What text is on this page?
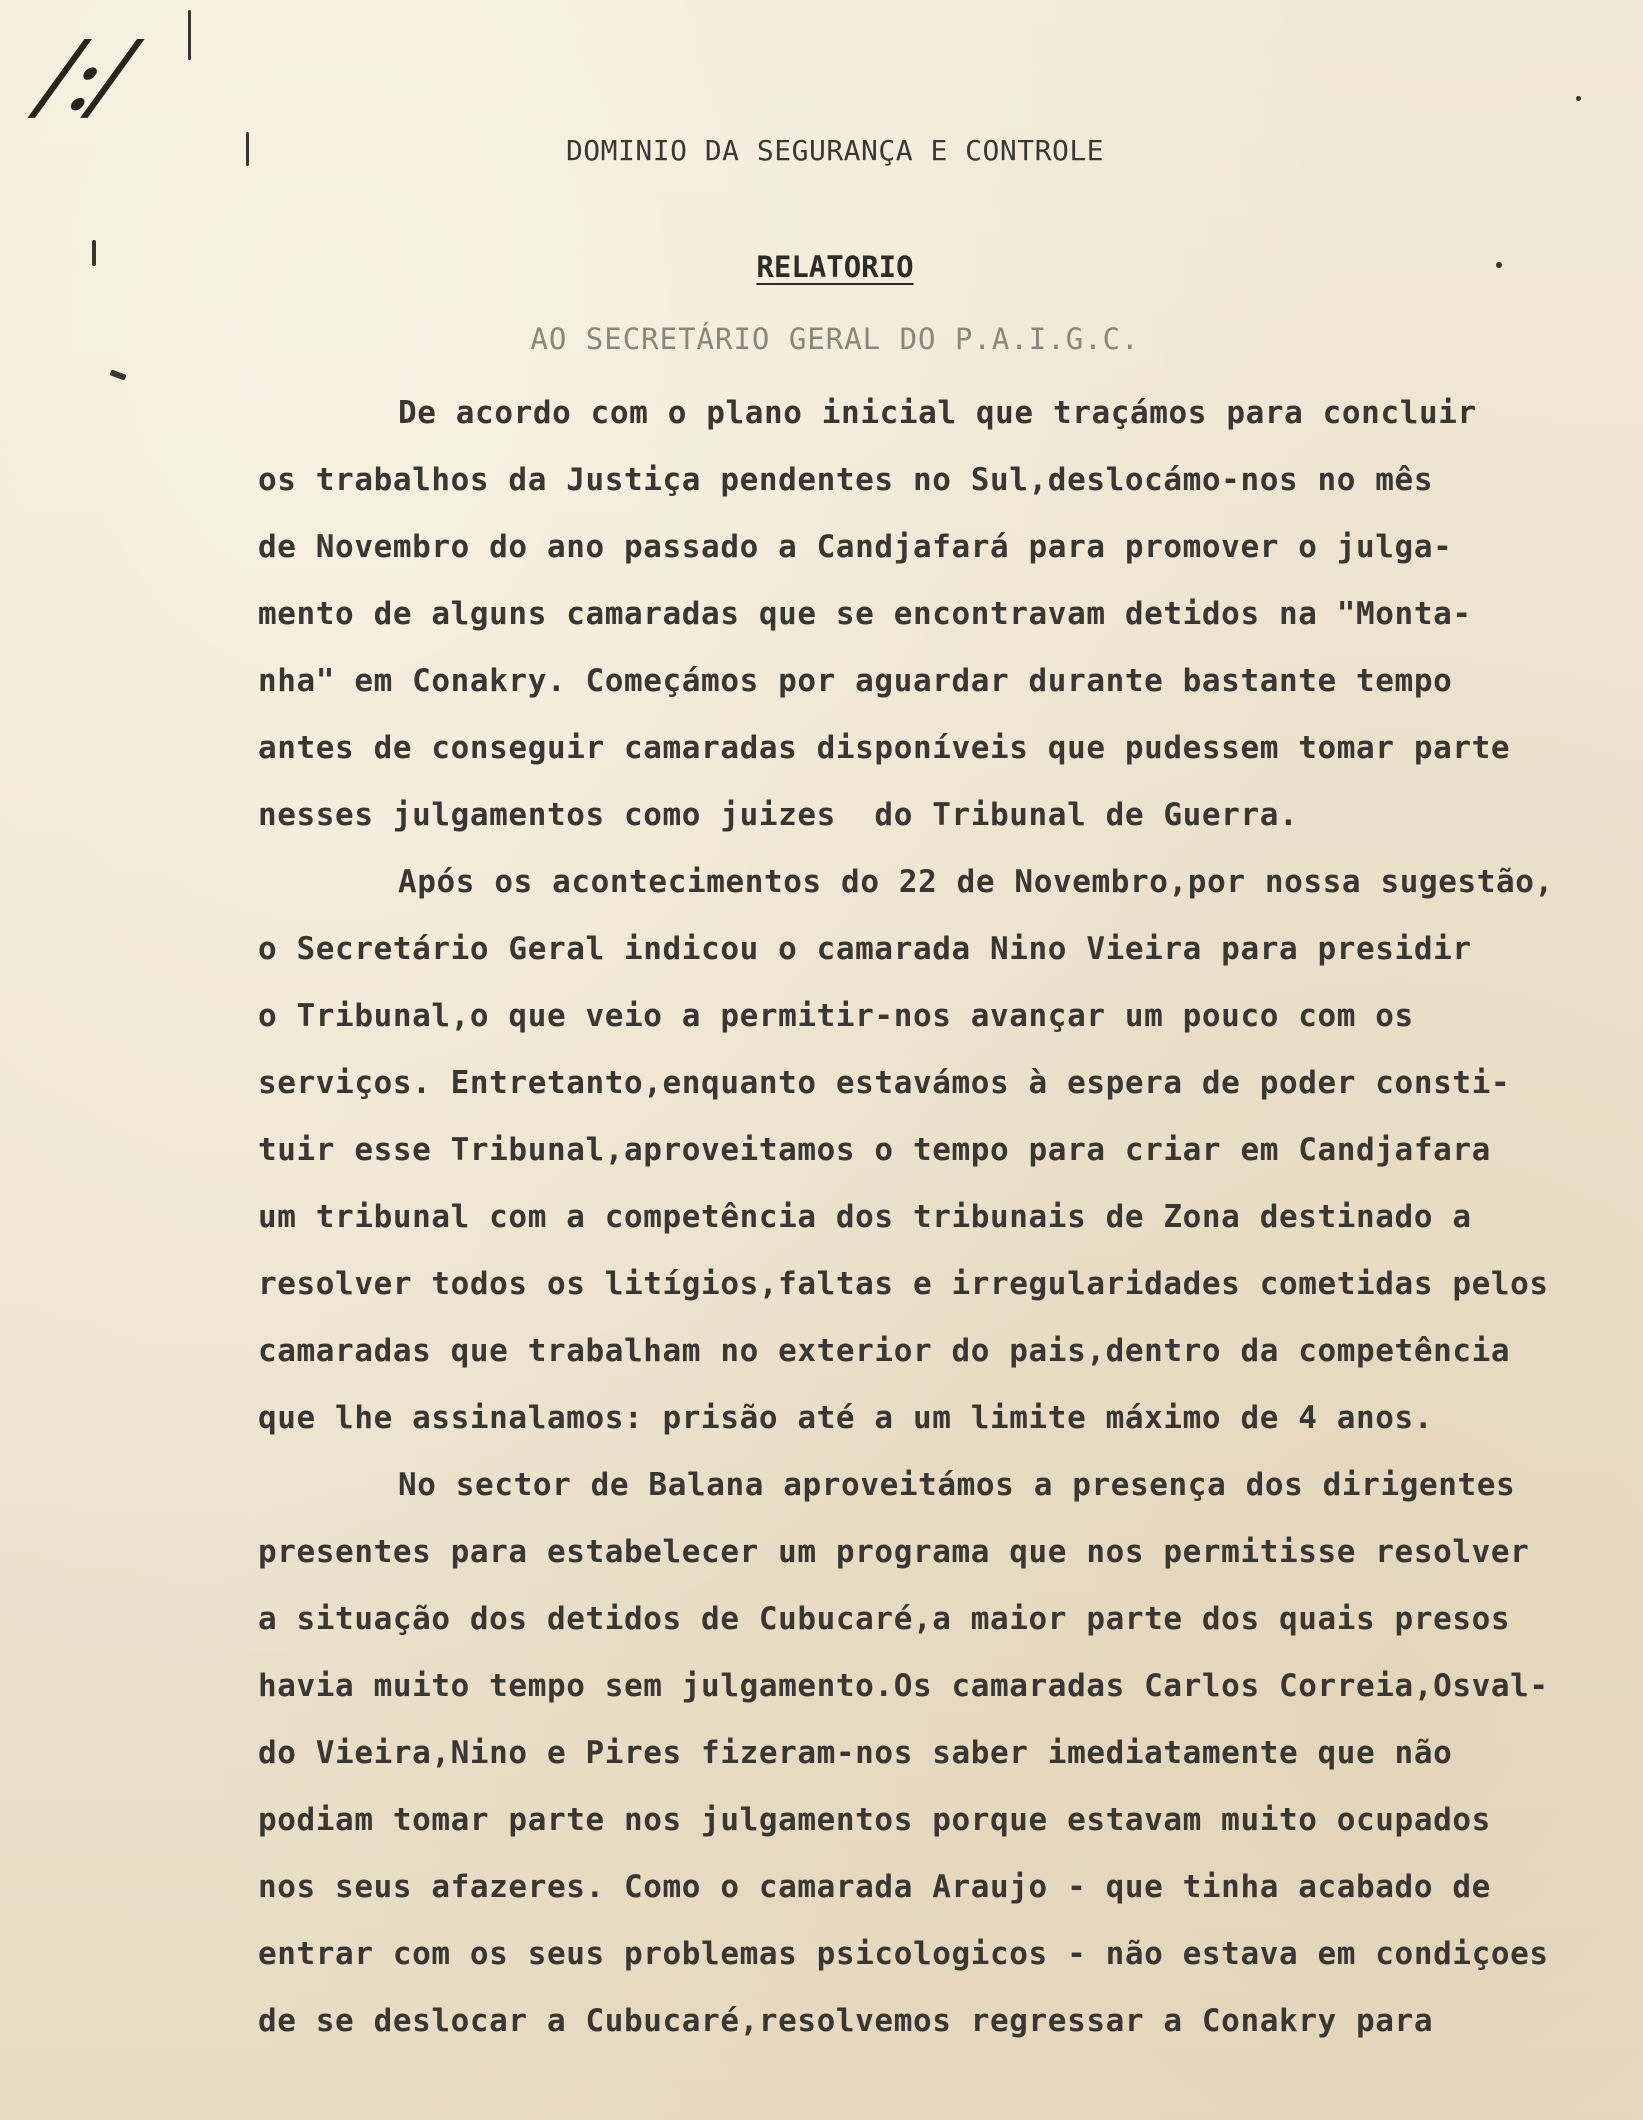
/:/
DOMINIO DA SEGURANÇA E CONTROLE
RELATORIO
AO SECRETÁRIO GERAL DO P.A.I.G.C.
De acordo com o plano inicial que traçámos para concluir
os trabalhos da Justiça pendentes no Sul,deslocámo-nos no mês
de Novembro do ano passado a Candjafará para promover o julga-
mento de alguns camaradas que se encontravam detidos na "Monta-
nha" em Conakry. Começámos por aguardar durante bastante tempo
antes de conseguir camaradas disponíveis que pudessem tomar parte
nesses julgamentos como juizes  do Tribunal de Guerra.
Após os acontecimentos do 22 de Novembro,por nossa sugestão,
o Secretário Geral indicou o camarada Nino Vieira para presidir
o Tribunal,o que veio a permitir-nos avançar um pouco com os
serviços. Entretanto,enquanto estavámos à espera de poder consti-
tuir esse Tribunal,aproveitamos o tempo para criar em Candjafara
um tribunal com a competência dos tribunais de Zona destinado a
resolver todos os litígios,faltas e irregularidades cometidas pelos
camaradas que trabalham no exterior do pais,dentro da competência
que lhe assinalamos: prisão até a um limite máximo de 4 anos.
No sector de Balana aproveitámos a presença dos dirigentes
presentes para estabelecer um programa que nos permitisse resolver
a situação dos detidos de Cubucaré,a maior parte dos quais presos
havia muito tempo sem julgamento.Os camaradas Carlos Correia,Osval-
do Vieira,Nino e Pires fizeram-nos saber imediatamente que não
podiam tomar parte nos julgamentos porque estavam muito ocupados
nos seus afazeres. Como o camarada Araujo - que tinha acabado de
entrar com os seus problemas psicologicos - não estava em condiçoes
de se deslocar a Cubucaré,resolvemos regressar a Conakry para
